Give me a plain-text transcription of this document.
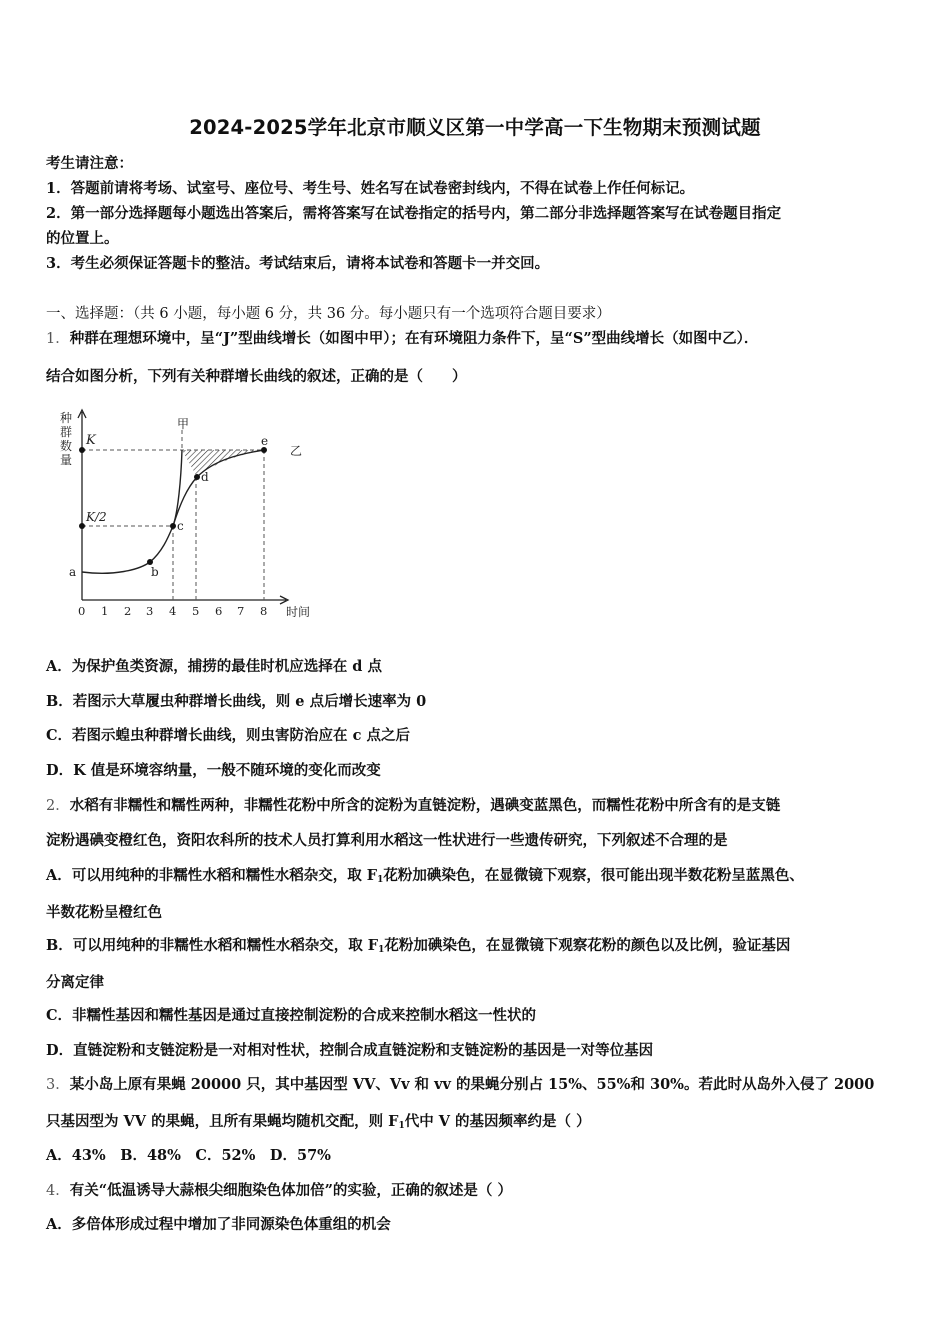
2024-2025学年北京市顺义区第一中学高一下生物期末预测试题
考生请注意：
1．答题前请将考场、试室号、座位号、考生号、姓名写在试卷密封线内，不得在试卷上作任何标记。
2．第一部分选择题每小题选出答案后，需将答案写在试卷指定的括号内，第二部分非选择题答案写在试卷题目指定
的位置上。
3．考生必须保证答题卡的整洁。考试结束后，请将本试卷和答题卡一并交回。
一、选择题：（共 6 小题，每小题 6 分，共 36 分。每小题只有一个选项符合题目要求）
1．种群在理想环境中，呈“J”型曲线增长（如图中甲）；在有环境阻力条件下，呈“S”型曲线增长（如图中乙）．
结合如图分析，下列有关种群增长曲线的叙述，正确的是（　　）
种
群
数
量
K
K/2
甲
乙
a	b
c
d
e
0 1 2 3 4 5 6 7 8 时间
A．为保护鱼类资源，捕捞的最佳时机应选择在 d 点
B．若图示大草履虫种群增长曲线，则 e 点后增长速率为 0
C．若图示蝗虫种群增长曲线，则虫害防治应在 c 点之后
D．K 值是环境容纳量，一般不随环境的变化而改变
2．水稻有非糯性和糯性两种，非糯性花粉中所含的淀粉为直链淀粉，遇碘变蓝黑色，而糯性花粉中所含有的是支链
淀粉遇碘变橙红色，资阳农科所的技术人员打算利用水稻这一性状进行一些遗传研究，下列叙述不合理的是
A．可以用纯种的非糯性水稻和糯性水稻杂交，取 $F_1$花粉加碘染色，在显微镜下观察，很可能出现半数花粉呈蓝黑色、
半数花粉呈橙红色
B．可以用纯种的非糯性水稻和糯性水稻杂交，取 $F_1$花粉加碘染色，在显微镜下观察花粉的颜色以及比例，验证基因
分离定律
C．非糯性基因和糯性基因是通过直接控制淀粉的合成来控制水稻这一性状的
D．直链淀粉和支链淀粉是一对相对性状，控制合成直链淀粉和支链淀粉的基因是一对等位基因
3．某小岛上原有果蝇 20000 只，其中基因型 VV、Vv 和 vv 的果蝇分别占 15%、55%和 30%。若此时从岛外入侵了 2000
只基因型为 VV 的果蝇，且所有果蝇均随机交配，则 $F_1$代中 V 的基因频率约是（ ）
A．43%　B．48%　C．52%　D．57%
4．有关“低温诱导大蒜根尖细胞染色体加倍”的实验，正确的叙述是（ ）
A．多倍体形成过程中增加了非同源染色体重组的机会
